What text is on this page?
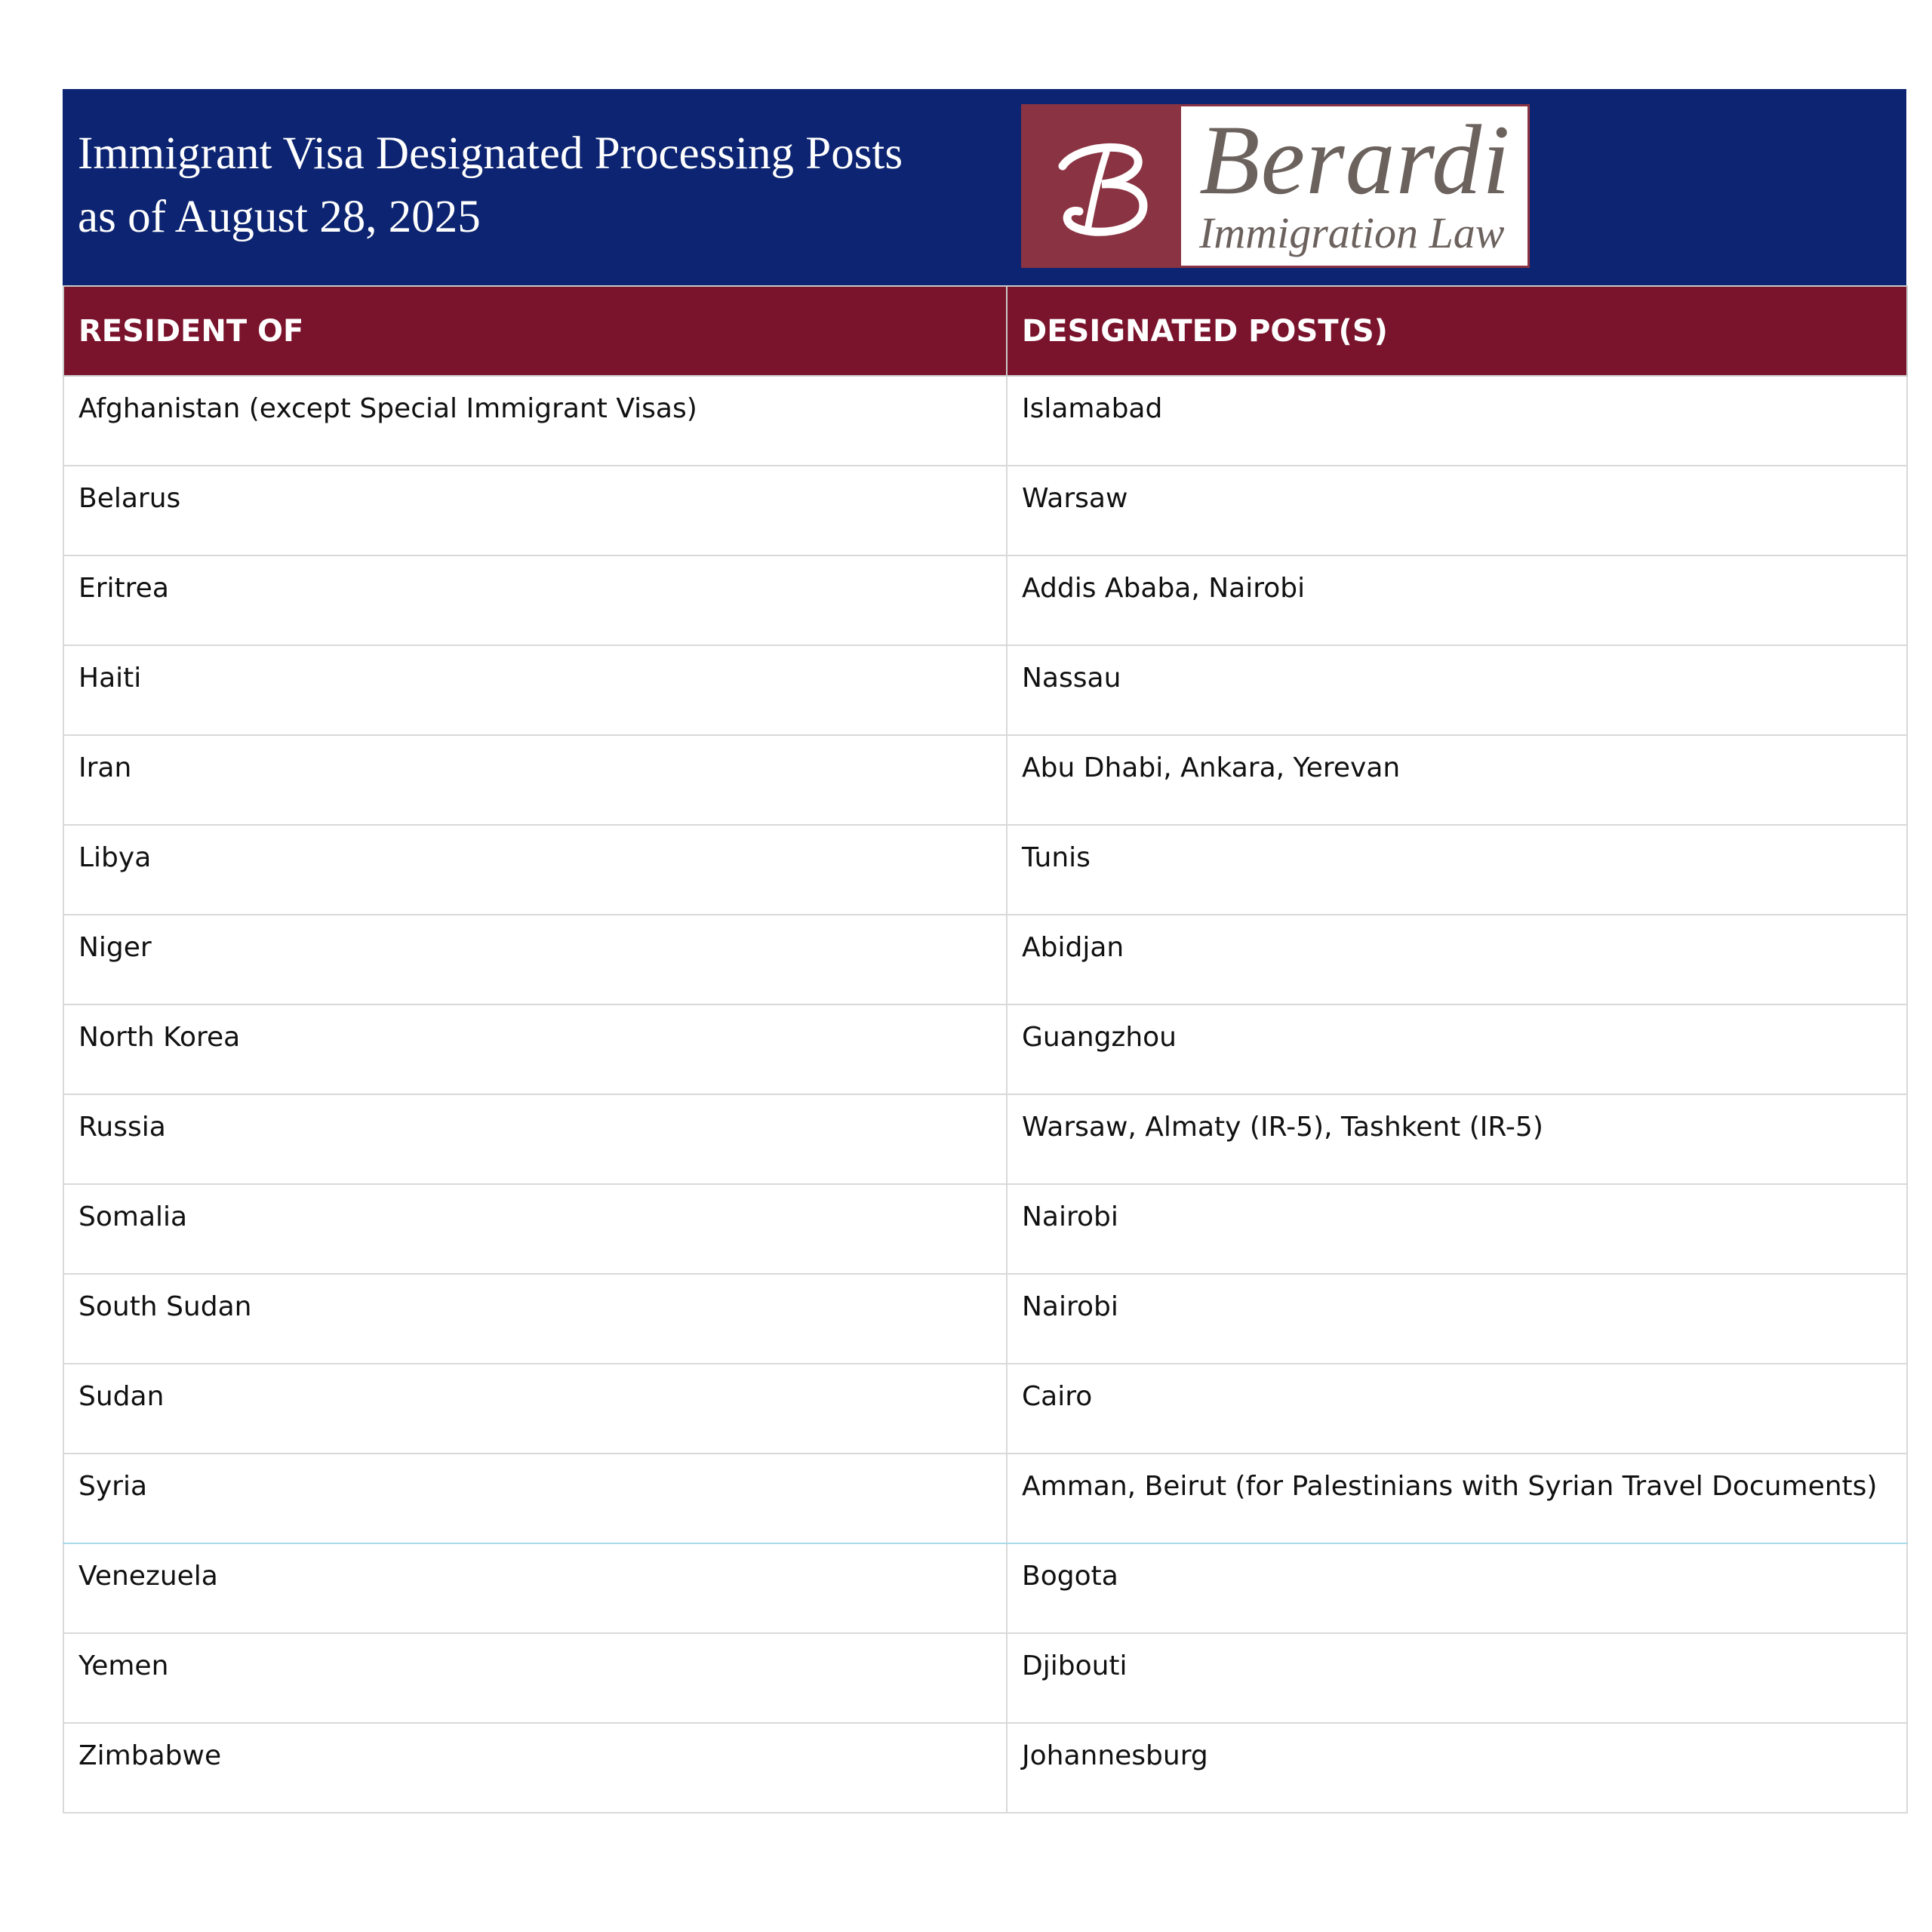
Immigrant Visa Designated Processing Posts
as of August 28, 2025
Berardi
Immigration Law
RESIDENT OF	DESIGNATED POST(S)
Afghanistan (except Special Immigrant Visas)	Islamabad
Belarus	Warsaw
Eritrea	Addis Ababa, Nairobi
Haiti	Nassau
Iran	Abu Dhabi, Ankara, Yerevan
Libya	Tunis
Niger	Abidjan
North Korea	Guangzhou
Russia	Warsaw, Almaty (IR-5), Tashkent (IR-5)
Somalia	Nairobi
South Sudan	Nairobi
Sudan	Cairo
Syria	Amman, Beirut (for Palestinians with Syrian Travel Documents)
Venezuela	Bogota
Yemen	Djibouti
Zimbabwe	Johannesburg
